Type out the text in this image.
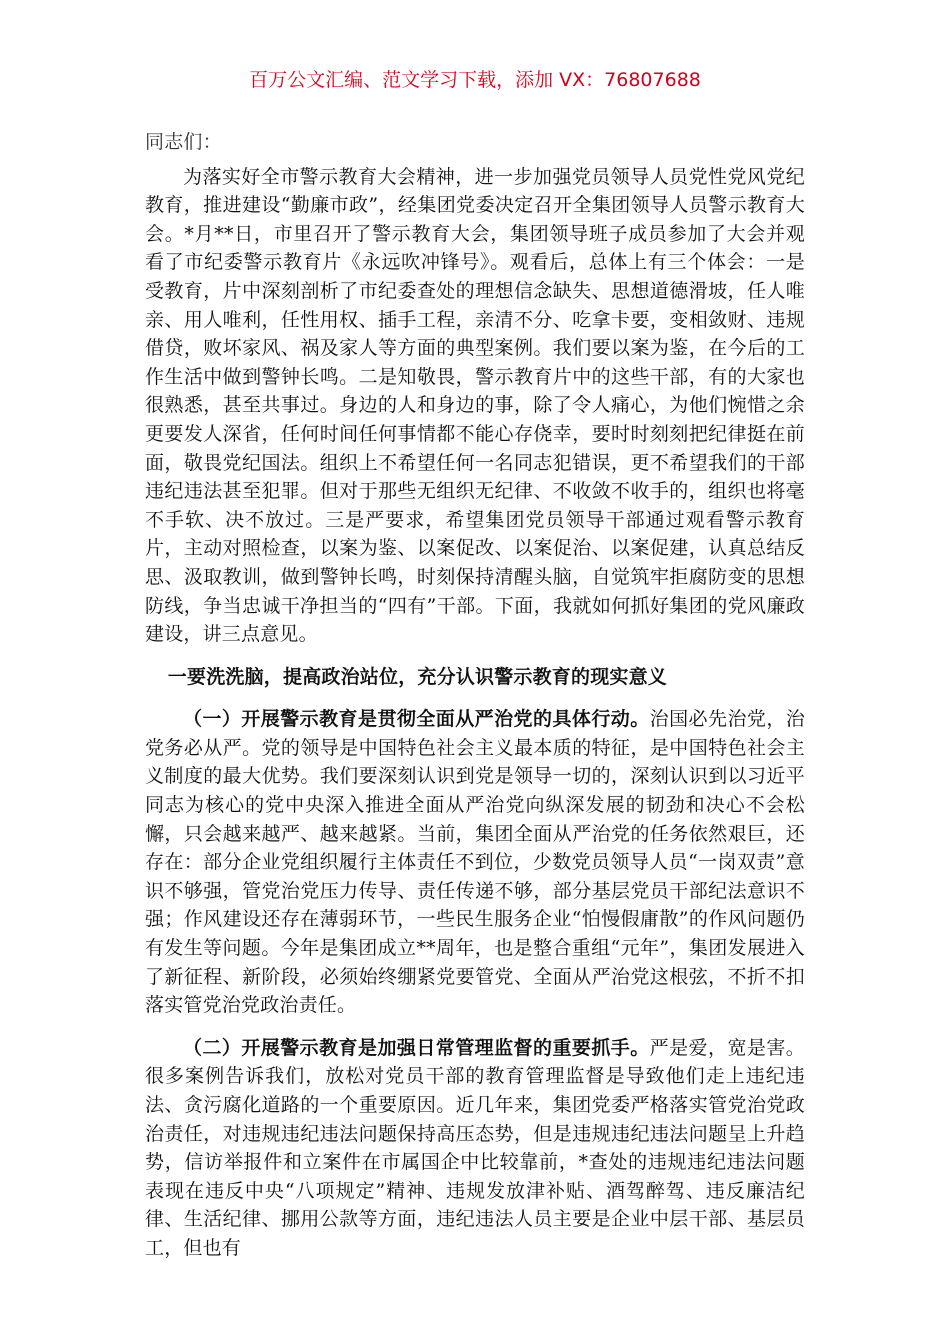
百万公文汇编、范文学习下载，添加 VX：76807688

同志们：

为落实好全市警示教育大会精神，进一步加强党员领导人员党性党风党纪教育，推进建设“勤廉市政”，经集团党委决定召开全集团领导人员警示教育大会。*月**日，市里召开了警示教育大会，集团领导班子成员参加了大会并观看了市纪委警示教育片《永远吹冲锋号》。观看后，总体上有三个体会：一是受教育，片中深刻剖析了市纪委查处的理想信念缺失、思想道德滑坡，任人唯亲、用人唯利，任性用权、插手工程，亲清不分、吃拿卡要，变相敛财、违规借贷，败坏家风、祸及家人等方面的典型案例。我们要以案为鉴，在今后的工作生活中做到警钟长鸣。二是知敬畏，警示教育片中的这些干部，有的大家也很熟悉，甚至共事过。身边的人和身边的事，除了令人痛心，为他们惋惜之余更要发人深省，任何时间任何事情都不能心存侥幸，要时时刻刻把纪律挺在前面，敬畏党纪国法。组织上不希望任何一名同志犯错误，更不希望我们的干部违纪违法甚至犯罪。但对于那些无组织无纪律、不收敛不收手的，组织也将毫不手软、决不放过。三是严要求，希望集团党员领导干部通过观看警示教育片，主动对照检查，以案为鉴、以案促改、以案促治、以案促建，认真总结反思、汲取教训，做到警钟长鸣，时刻保持清醒头脑，自觉筑牢拒腐防变的思想防线，争当忠诚干净担当的“四有”干部。下面，我就如何抓好集团的党风廉政建设，讲三点意见。

一要洗洗脑，提高政治站位，充分认识警示教育的现实意义

（一）开展警示教育是贯彻全面从严治党的具体行动。治国必先治党，治党务必从严。党的领导是中国特色社会主义最本质的特征，是中国特色社会主义制度的最大优势。我们要深刻认识到党是领导一切的，深刻认识到以习近平同志为核心的党中央深入推进全面从严治党向纵深发展的韧劲和决心不会松懈，只会越来越严、越来越紧。当前，集团全面从严治党的任务依然艰巨，还存在：部分企业党组织履行主体责任不到位，少数党员领导人员“一岗双责”意识不够强，管党治党压力传导、责任传递不够，部分基层党员干部纪法意识不强；作风建设还存在薄弱环节，一些民生服务企业“怕慢假庸散”的作风问题仍有发生等问题。今年是集团成立**周年，也是整合重组“元年”，集团发展进入了新征程、新阶段，必须始终绷紧党要管党、全面从严治党这根弦，不折不扣落实管党治党政治责任。

（二）开展警示教育是加强日常管理监督的重要抓手。严是爱，宽是害。很多案例告诉我们，放松对党员干部的教育管理监督是导致他们走上违纪违法、贪污腐化道路的一个重要原因。近几年来，集团党委严格落实管党治党政治责任，对违规违纪违法问题保持高压态势，但是违规违纪违法问题呈上升趋势，信访举报件和立案件在市属国企中比较靠前，*查处的违规违纪违法问题表现在违反中央“八项规定”精神、违规发放津补贴、酒驾醉驾、违反廉洁纪律、生活纪律、挪用公款等方面，违纪违法人员主要是企业中层干部、基层员工，但也有
